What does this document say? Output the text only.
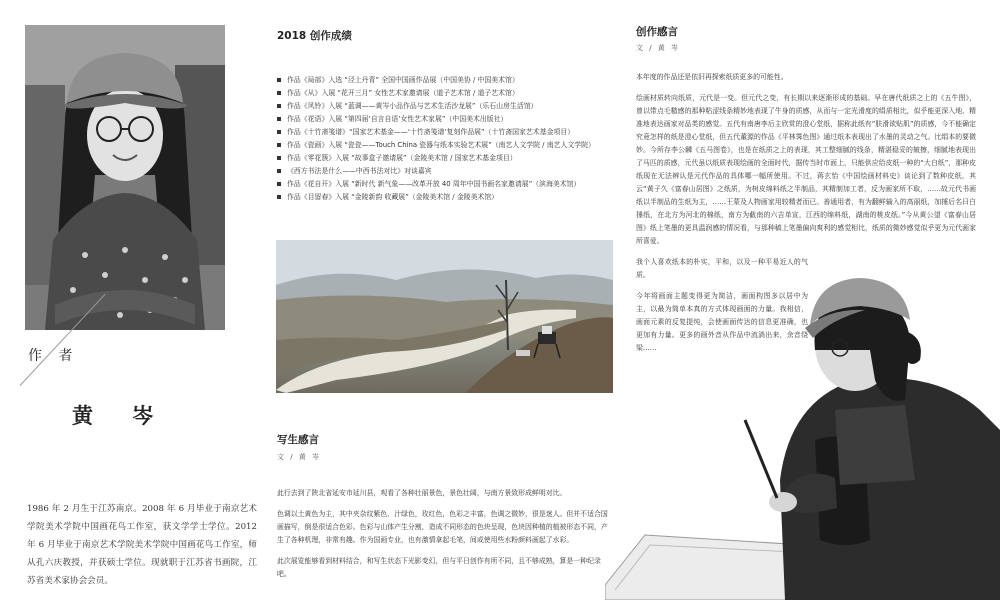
作 者
黄 岑
1986 年 2 月生于江苏南京。2008 年 6 月毕业于南京艺术学院美术学院中国画花鸟工作室，获文学学士学位。2012 年 6 月毕业于南京艺术学院美术学院中国画花鸟工作室，师从孔六庆教授，并获硕士学位。现就职于江苏省书画院，江苏省美术家协会会员。
2018 创作成绩
作品《局部》入选 “泾上丹青” 全国中国画作品展（中国美协 / 中国美术馆）
作品《从》入展 “花开三月” 女性艺术家邀请展（道子艺术馆 / 道子艺术馆）
作品《风铃》入展 “蓝调——黄岑小品作品与艺术生活沙龙展”（乐石山房生活馆）
作品《花语》入展 “第四届‘自言自语’女性艺术家展”（中国美术出版社）
作品《十竹斋笺谱》“国家艺术基金——‘十竹斋笺谱’复刻作品展”（十竹斋国家艺术基金项目）
作品《瓷画》入展 “瓷瓷——Touch China 瓷器与纸本实验艺术展”（南艺人文学院 / 南艺人文学院）
作品《零花簇》入展 “故事盒子邀请展”（金陵美术馆 / 国家艺术基金项目）
《西方书法是什么——中西书法对比》对谈嘉宾
作品《花自开》入展 “新时代 新气象——改革开放 40 周年中国书画名家邀请展”（滨海美术馆）
作品《目留春》入展 “金陵新韵 收藏展”（金陵美术馆 / 金陵美术馆）
写生感言
文 / 黄 岑

此行去到了陕北省延安市延川县，观看了各种壮丽景色，景色壮阔，与南方景致形成鲜明对比。

色调以土黄色为主，其中夹杂纹紫色、汁绿色，玫红色，色彩之丰富，色调之微妙，很是迷人。但并不适合国画描写，倒是很适合色彩。色彩与山体产生分割，造成不同形态的色块呈现，色块因种植的植被形态不同，产生了各种机理，非常有趣。作为国画专业，也有激情拿起毛笔，间或使用些水粉颜料画起了水彩。

此次展览能够看到材料结合，和写生状态下光影变幻，但与平日创作有所不同，且不够成熟，算是一种纪录吧。

创作感言
文 / 黄 岑

本年度的作品还是依旧再探索纸质更多的可能性。

绘画材质转向纸质，元代是一变。但元代之变，有长期以来逐渐形成的基础。早在唐代纸质之上的《五牛图》，曾以带点毛糙感的那种粘涩线条精妙地表现了牛身的质感，从而与一定光滑度的绢质相比，似乎能更深入地、精准地表达画家对品类的感觉。五代有南唐李后主欣赏的澄心堂纸，据称此纸有“肤滑欲贴肌”的质感，今不能确定究竟怎样的纸是澄心堂纸，但五代董源的作品《平林霁色图》通过纸本表现出了水墨的灵动之气。比绢本的要微妙。今所存李公麟《五马图卷》，也是在纸质之上的表现，其工整细腻的线条，精湛稳妥的皴擦，细腻地表现出了马匹的质感，元代虽以纸质表现绘画的全面时代，据传当时市面上，只能供应给皮纸一种的“大白纸”，那种皮纸现在无法辨认是元代作品的具体哪一幅所使用。不过，蒋玄怡《中国绘画材料史》谈论到了数种皮纸，其云“黄子久《富春山居图》之纸质，为树皮绵料纸之半制品，其精制加工者，反为画家所不取，……故元代书画纸以半制品的生纸为主，……王蒙及人物画家用较精者而已。善通用者，有为翻鲜输入的高丽纸，加捶后名曰白捶纸，在北方为河北的棉纸，南方为截南的六吉单宣，江西的绵料纸，湖南的桃皮纸。”今从黄公望《富春山居图》纸上笔墨的更具温润感的情况看，与那种稿上笔墨偏向爽利的感觉相比，纸质的微妙感觉似乎更为元代画家所喜爱。

我个人喜欢纸本的朴实，平和，以及一种平易近人的气质。

今年将画面主题变得更为简洁，画面构图多以居中为主，以最为简单本真的方式体现画面的力量。我相信，画面元素的反复提纯，会使画面传达的信息更准确，也更加有力量。更多的画外音从作品中流淌出来，余音绕梁……
